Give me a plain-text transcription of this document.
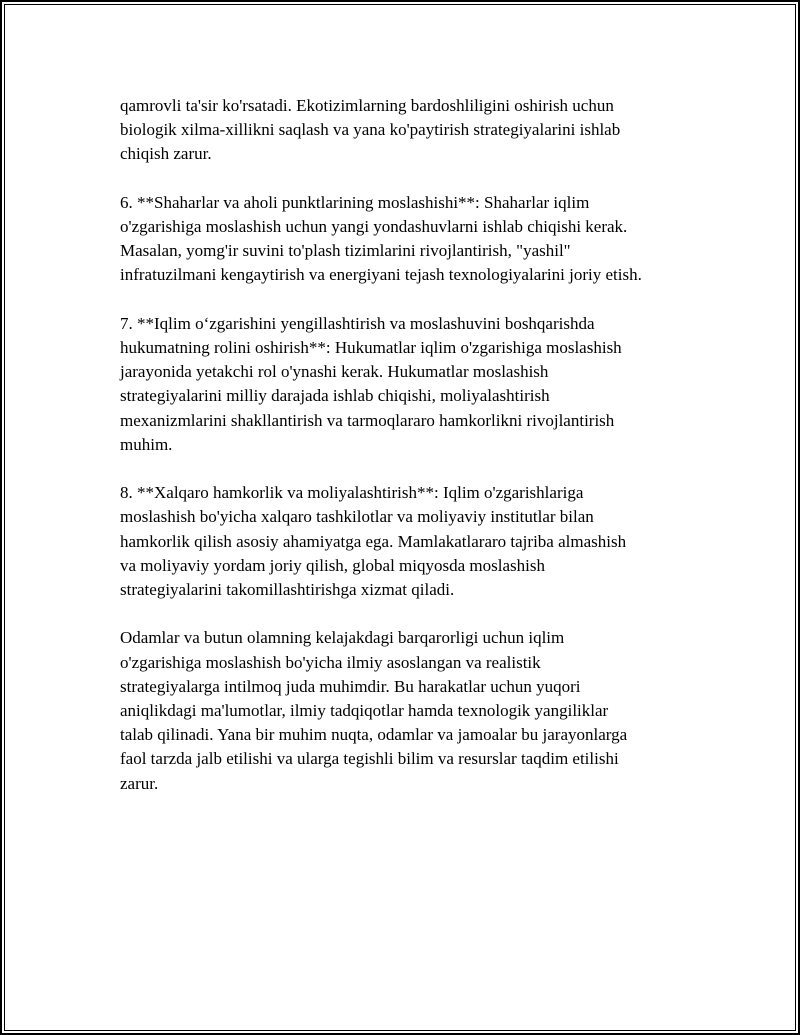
qamrovli ta'sir ko'rsatadi. Ekotizimlarning bardoshliligini oshirish uchun
biologik xilma-xillikni saqlash va yana ko'paytirish strategiyalarini ishlab
chiqish zarur.

6. **Shaharlar va aholi punktlarining moslashishi**: Shaharlar iqlim
o'zgarishiga moslashish uchun yangi yondashuvlarni ishlab chiqishi kerak.
Masalan, yomg'ir suvini to'plash tizimlarini rivojlantirish, "yashil"
infratuzilmani kengaytirish va energiyani tejash texnologiyalarini joriy etish.

7. **Iqlim o‘zgarishini yengillashtirish va moslashuvini boshqarishda
hukumatning rolini oshirish**: Hukumatlar iqlim o'zgarishiga moslashish
jarayonida yetakchi rol o'ynashi kerak. Hukumatlar moslashish
strategiyalarini milliy darajada ishlab chiqishi, moliyalashtirish
mexanizmlarini shakllantirish va tarmoqlararo hamkorlikni rivojlantirish
muhim.

8. **Xalqaro hamkorlik va moliyalashtirish**: Iqlim o'zgarishlariga
moslashish bo'yicha xalqaro tashkilotlar va moliyaviy institutlar bilan
hamkorlik qilish asosiy ahamiyatga ega. Mamlakatlararo tajriba almashish
va moliyaviy yordam joriy qilish, global miqyosda moslashish
strategiyalarini takomillashtirishga xizmat qiladi.

Odamlar va butun olamning kelajakdagi barqarorligi uchun iqlim
o'zgarishiga moslashish bo'yicha ilmiy asoslangan va realistik
strategiyalarga intilmoq juda muhimdir. Bu harakatlar uchun yuqori
aniqlikdagi ma'lumotlar, ilmiy tadqiqotlar hamda texnologik yangiliklar
talab qilinadi. Yana bir muhim nuqta, odamlar va jamoalar bu jarayonlarga
faol tarzda jalb etilishi va ularga tegishli bilim va resurslar taqdim etilishi
zarur.
